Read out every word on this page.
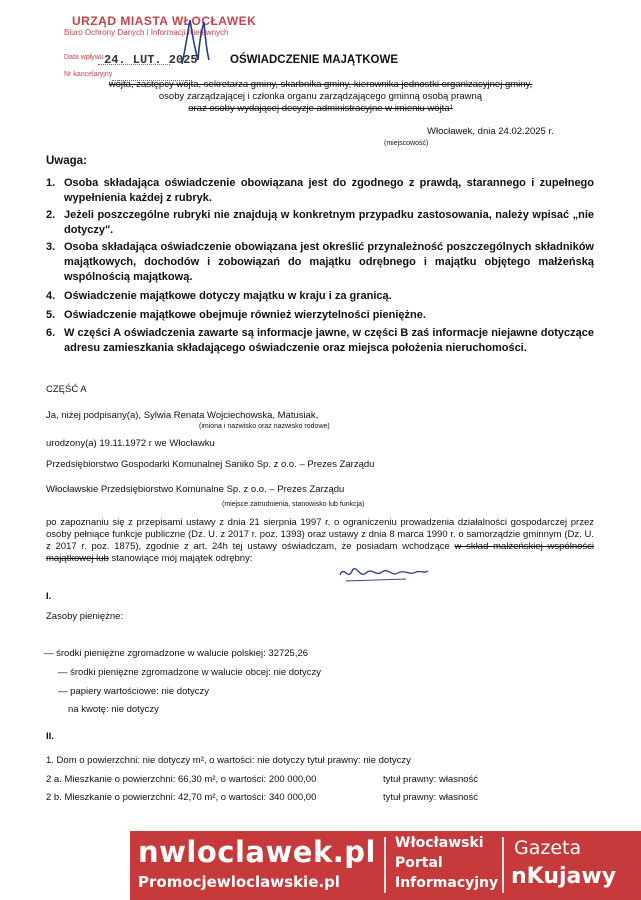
URZĄD MIASTA WŁOCŁAWEK
Biuro Ochrony Danych i Informacji Niejawnych
Data wpływu 24. LUT. 2025
Nr kancelaryjny
OŚWIADCZENIE MAJĄTKOWE
wójta, zastępcy wójta, sekretarza gminy, skarbnika gminy, kierownika jednostki organizacyjnej gminy,
osoby zarządzającej i członka organu zarządzającego gminną osobą prawną
oraz osoby wydającej decyzje administracyjne w imieniu wójta¹
Włocławek, dnia 24.02.2025 r.
(miejscowość)
Uwaga:
1. Osoba składająca oświadczenie obowiązana jest do zgodnego z prawdą, starannego i zupełnego wypełnienia każdej z rubryk.
2. Jeżeli poszczególne rubryki nie znajdują w konkretnym przypadku zastosowania, należy wpisać „nie dotyczy".
3. Osoba składająca oświadczenie obowiązana jest określić przynależność poszczególnych składników majątkowych, dochodów i zobowiązań do majątku odrębnego i majątku objętego małżeńską wspólnością majątkową.
4. Oświadczenie majątkowe dotyczy majątku w kraju i za granicą.
5. Oświadczenie majątkowe obejmuje również wierzytelności pieniężne.
6. W części A oświadczenia zawarte są informacje jawne, w części B zaś informacje niejawne dotyczące adresu zamieszkania składającego oświadczenie oraz miejsca położenia nieruchomości.
CZĘŚĆ A
Ja, niżej podpisany(a), Sylwia Renata Wojciechowska, Matusiak,
(imiona i nazwisko oraz nazwisko rodowe)
urodzony(a) 19.11.1972 r we Włocławku
Przedsiębiorstwo Gospodarki Komunalnej Saniko Sp. z o.o. – Prezes Zarządu
Włocławskie Przedsiębiorstwo Komunalne Sp. z o.o. – Prezes Zarządu
(miejsce zatrudnienia, stanowisko lub funkcja)
po zapoznaniu się z przepisami ustawy z dnia 21 sierpnia 1997 r. o ograniczeniu prowadzenia działalności gospodarczej przez osoby pełniące funkcje publiczne (Dz. U. z 2017 r. poz. 1393) oraz ustawy z dnia 8 marca 1990 r. o samorządzie gminnym (Dz. U. z 2017 r. poz. 1875), zgodnie z art. 24h tej ustawy oświadczam, że posiadam wchodzące w skład małżeńskiej wspólności majątkowej lub stanowiące mój majątek odrębny:
I.
Zasoby pieniężne:
— środki pieniężne zgromadzone w walucie polskiej: 32725,26
— środki pieniężne zgromadzone w walucie obcej: nie dotyczy
— papiery wartościowe: nie dotyczy
na kwotę: nie dotyczy
II.
1. Dom o powierzchni: nie dotyczy m², o wartości: nie dotyczy tytuł prawny: nie dotyczy
2 a. Mieszkanie o powierzchni: 66,30 m², o wartości: 200 000,00	tytuł prawny: własność
2 b. Mieszkanie o powierzchni: 42,70 m², o wartości: 340 000,00	tytuł prawny: własność
nwloclawek.pl
Promocjewloclawskie.pl
Włocławski
Portal
Informacyjny
Gazeta
nKujawy
